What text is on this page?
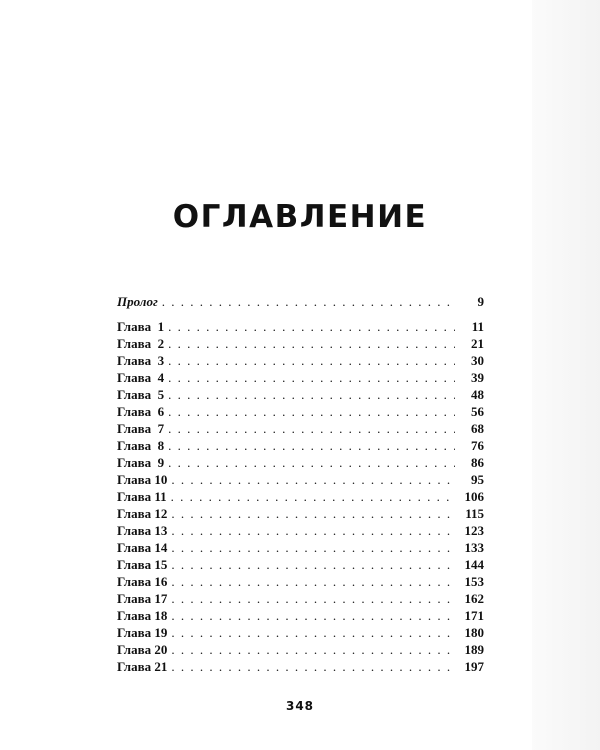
ОГЛАВЛЕНИЕ
Пролог . . .	9
Глава  1 . . .	11
Глава  2 . . .	21
Глава  3 . . .	30
Глава  4 . . .	39
Глава  5 . . .	48
Глава  6 . . .	56
Глава  7 . . .	68
Глава  8 . . .	76
Глава  9 . . .	86
Глава 10 . . .	95
Глава 11 . . .	106
Глава 12 . . .	115
Глава 13 . . .	123
Глава 14 . . .	133
Глава 15 . . .	144
Глава 16 . . .	153
Глава 17 . . .	162
Глава 18 . . .	171
Глава 19 . . .	180
Глава 20 . . .	189
Глава 21 . . .	197
348
